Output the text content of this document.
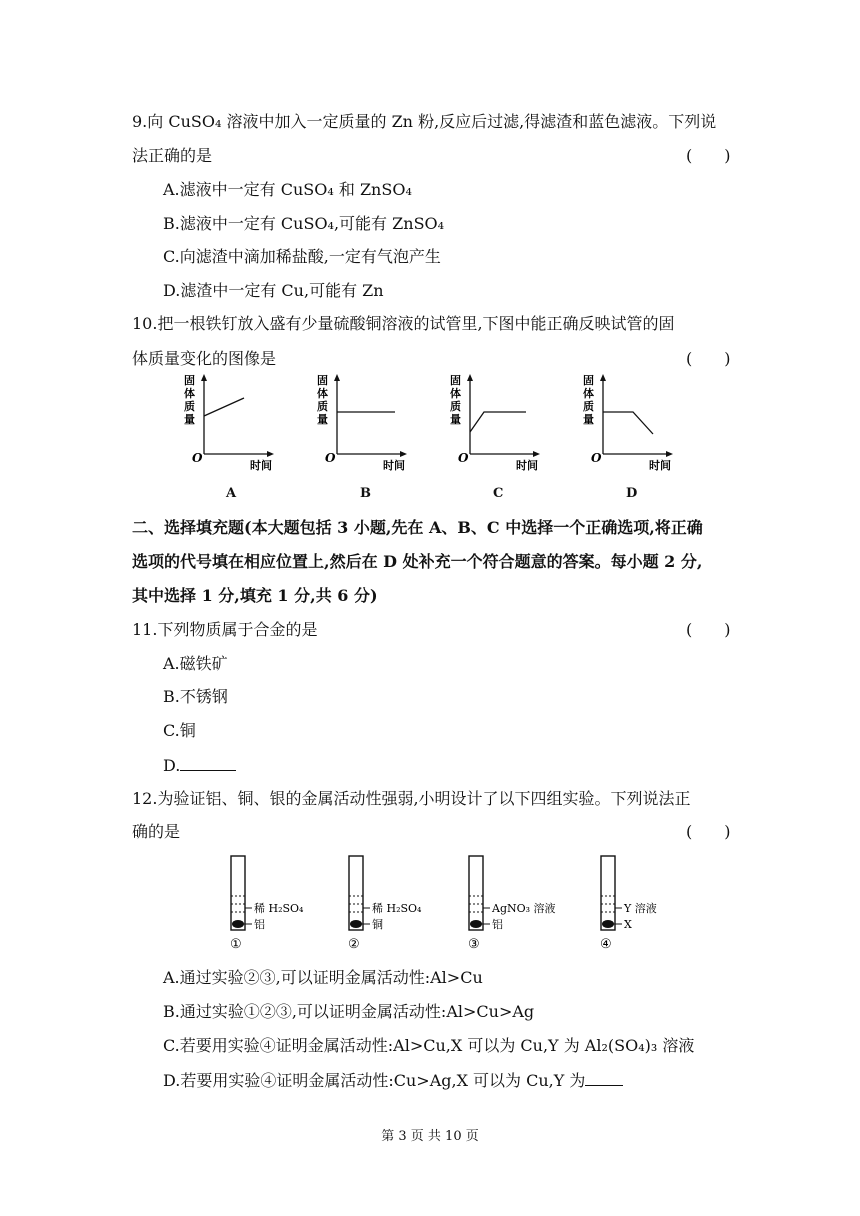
9.向 CuSO₄ 溶液中加入一定质量的 Zn 粉,反应后过滤,得滤渣和蓝色滤液。下列说
法正确的是	(　　)
A.滤液中一定有 CuSO₄ 和 ZnSO₄
B.滤液中一定有 CuSO₄,可能有 ZnSO₄
C.向滤渣中滴加稀盐酸,一定有气泡产生
D.滤渣中一定有 Cu,可能有 Zn
10.把一根铁钉放入盛有少量硫酸铜溶液的试管里,下图中能正确反映试管的固
体质量变化的图像是	(　　)
固
体
质
量
O
时间
固
体
质
量
O
时间
固
体
质
量
O
时间
固
体
质
量
O
时间
A	B	C	D
二、选择填充题(本大题包括 3 小题,先在 A、B、C 中选择一个正确选项,将正确
选项的代号填在相应位置上,然后在 D 处补充一个符合题意的答案。每小题 2 分,
其中选择 1 分,填充 1 分,共 6 分)
11.下列物质属于合金的是	(　　)
A.磁铁矿
B.不锈钢
C.铜
D.
12.为验证铝、铜、银的金属活动性强弱,小明设计了以下四组实验。下列说法正
确的是	(　　)
稀 H₂SO₄
铝
①
稀 H₂SO₄
铜
②
AgNO₃ 溶液
铝
③
Y 溶液
X
④
A.通过实验②③,可以证明金属活动性:Al>Cu
B.通过实验①②③,可以证明金属活动性:Al>Cu>Ag
C.若要用实验④证明金属活动性:Al>Cu,X 可以为 Cu,Y 为 Al₂(SO₄)₃ 溶液
D.若要用实验④证明金属活动性:Cu>Ag,X 可以为 Cu,Y 为
第 3 页 共 10 页
